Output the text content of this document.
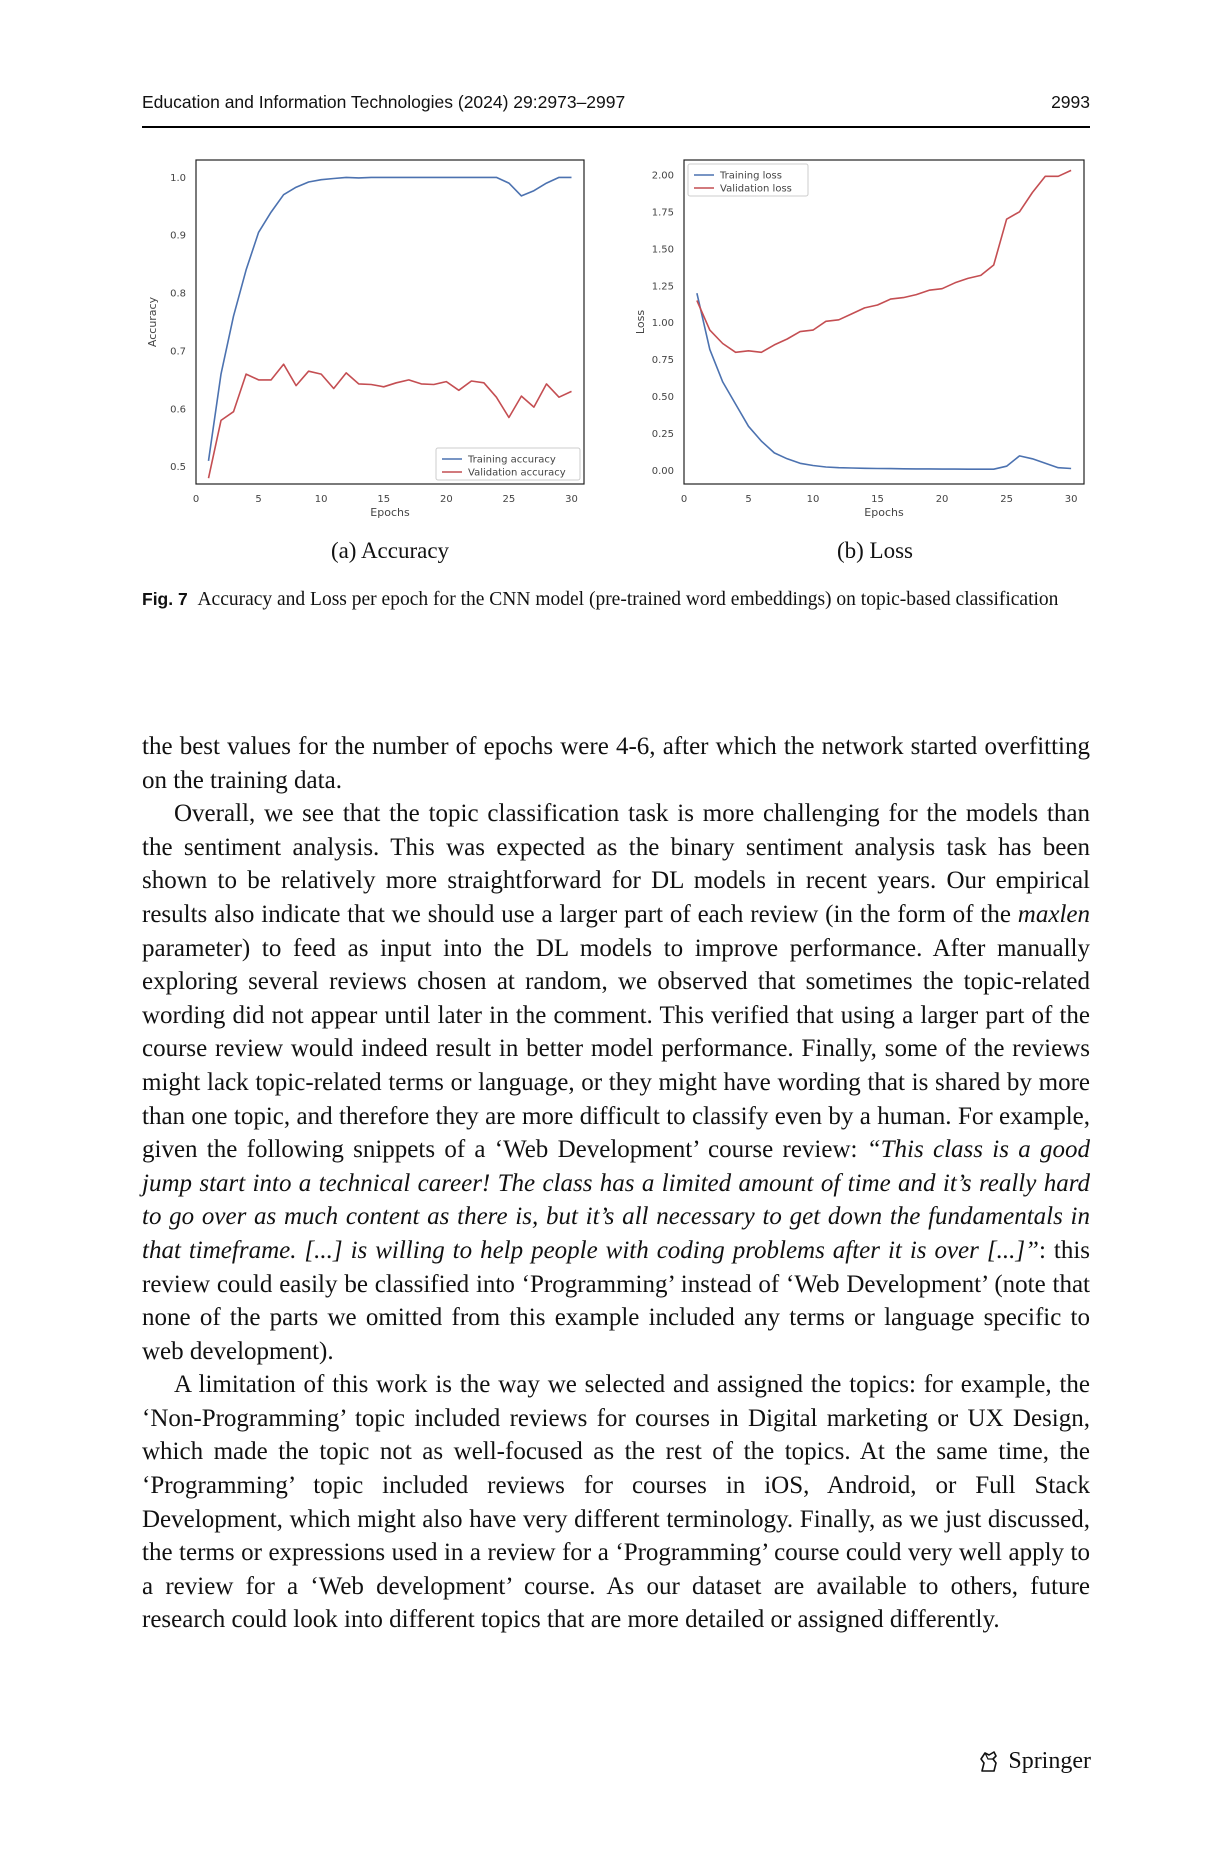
Education and Information Technologies (2024) 29:2973–2997	2993
0	5	10	15	20	25	30
0.5
0.6
0.7
0.8
0.9
1.0
Epochs
Accuracy
Training accuracy
Validation accuracy
0	5	10	15	20	25	30
0.00
0.25
0.50
0.75
1.00
1.25
1.50
1.75
2.00
Epochs
Loss
Training loss
Validation loss
(a) Accuracy	(b) Loss
Fig. 7 Accuracy and Loss per epoch for the CNN model (pre-trained word embeddings) on topic-based classification

the best values for the number of epochs were 4-6, after which the network started overfitting on the training data.

Overall, we see that the topic classification task is more challenging for the models than the sentiment analysis. This was expected as the binary sentiment analysis task has been shown to be relatively more straightforward for DL models in recent years. Our empirical results also indicate that we should use a larger part of each review (in the form of the maxlen parameter) to feed as input into the DL models to improve performance. After manually exploring several reviews chosen at random, we observed that sometimes the topic-related wording did not appear until later in the comment. This verified that using a larger part of the course review would indeed result in better model performance. Finally, some of the reviews might lack topic-related terms or language, or they might have wording that is shared by more than one topic, and therefore they are more difficult to classify even by a human. For example, given the following snippets of a ‘Web Development’ course review: “This class is a good jump start into a technical career! The class has a limited amount of time and it’s really hard to go over as much content as there is, but it’s all necessary to get down the fundamentals in that timeframe. [...] is willing to help people with coding problems after it is over [...]”: this review could easily be classified into ‘Programming’ instead of ‘Web Development’ (note that none of the parts we omitted from this example included any terms or language specific to web development).

A limitation of this work is the way we selected and assigned the topics: for example, the ‘Non-Programming’ topic included reviews for courses in Digital marketing or UX Design, which made the topic not as well-focused as the rest of the topics. At the same time, the ‘Programming’ topic included reviews for courses in iOS, Android, or Full Stack Development, which might also have very different terminology. Finally, as we just discussed, the terms or expressions used in a review for a ‘Programming’ course could very well apply to a review for a ‘Web development’ course. As our dataset are available to others, future research could look into different topics that are more detailed or assigned differently.

Springer
